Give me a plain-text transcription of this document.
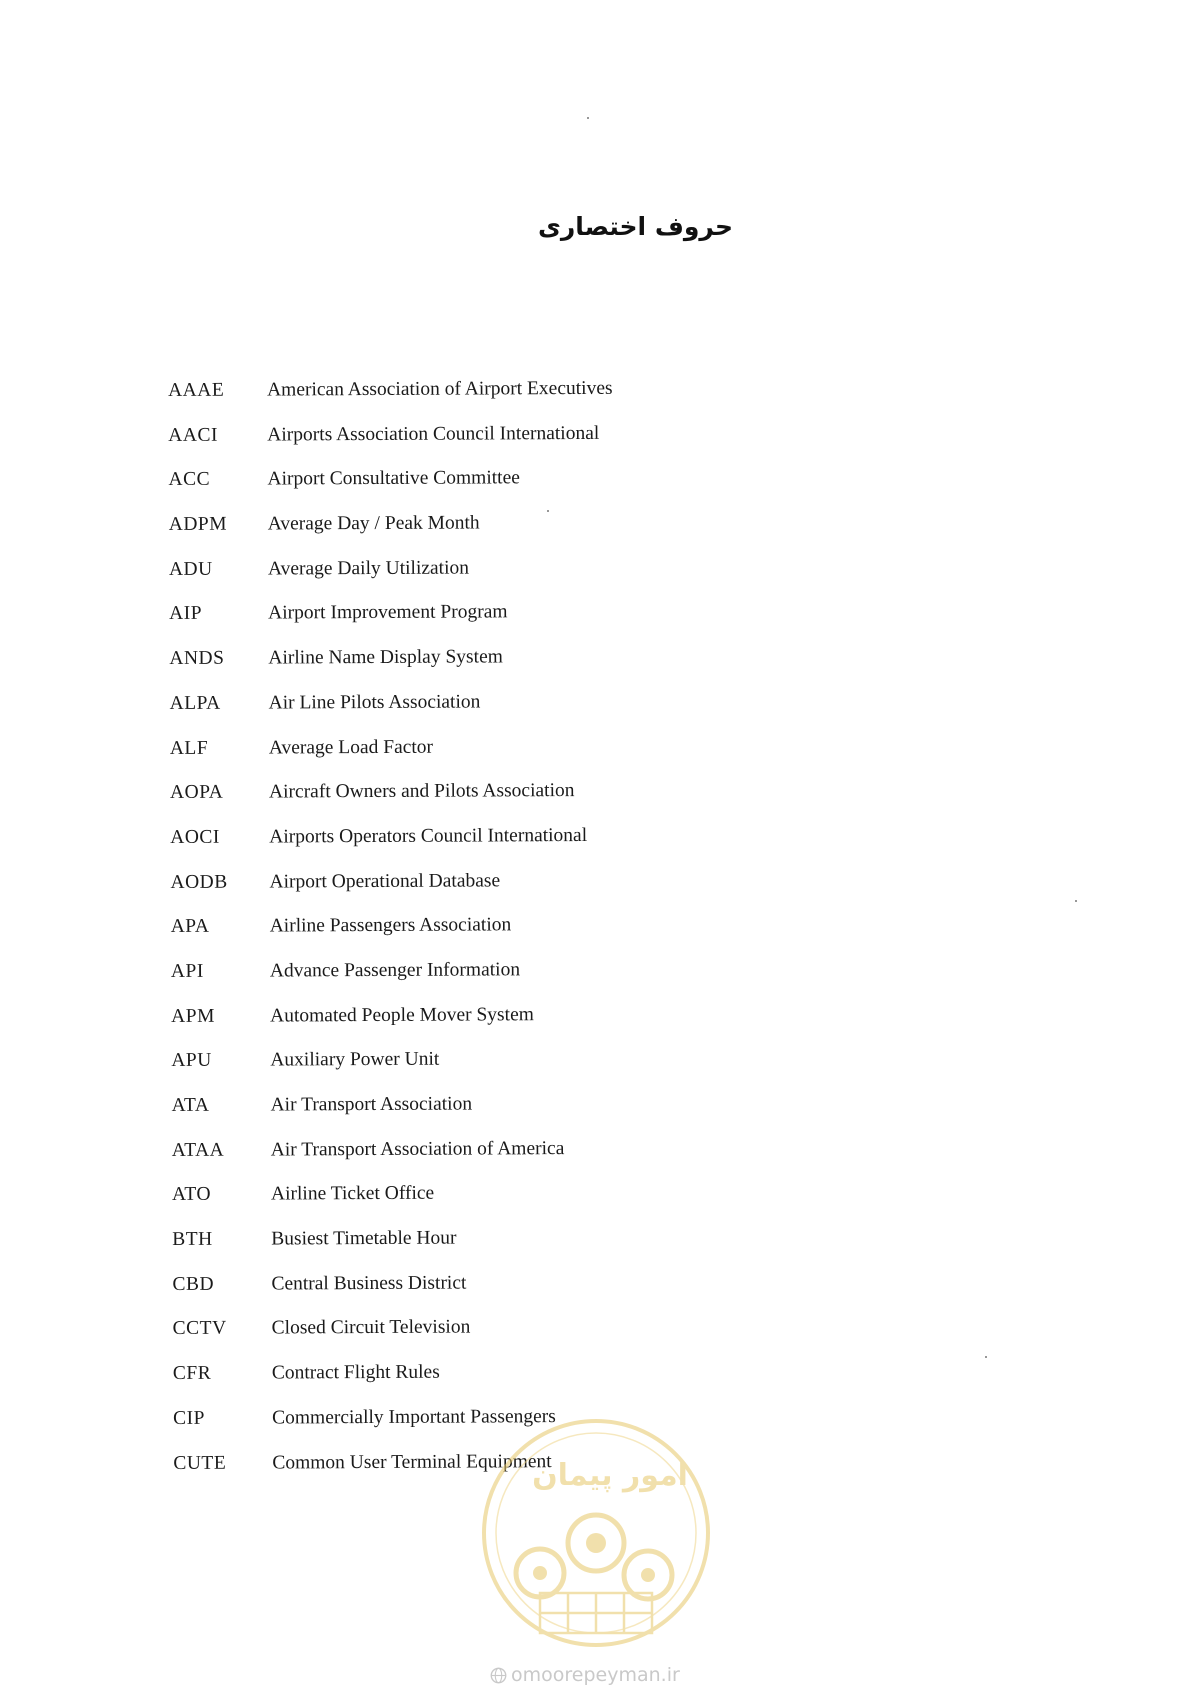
حروف اختصاری
AAAE	American Association of Airport Executives
AACI	Airports Association Council International
ACC	Airport Consultative Committee
ADPM	Average Day / Peak Month
ADU	Average Daily Utilization
AIP	Airport Improvement Program
ANDS	Airline Name Display System
ALPA	Air Line Pilots Association
ALF	Average Load Factor
AOPA	Aircraft Owners and Pilots Association
AOCI	Airports Operators Council International
AODB	Airport Operational Database
APA	Airline Passengers Association
API	Advance Passenger Information
APM	Automated People Mover System
APU	Auxiliary Power Unit
ATA	Air Transport Association
ATAA	Air Transport Association of America
ATO	Airline Ticket Office
BTH	Busiest Timetable Hour
CBD	Central Business District
CCTV	Closed Circuit Television
CFR	Contract Flight Rules
CIP	Commercially Important Passengers
CUTE	Common User Terminal Equipment
امور پیمان
omoorepeyman.ir
